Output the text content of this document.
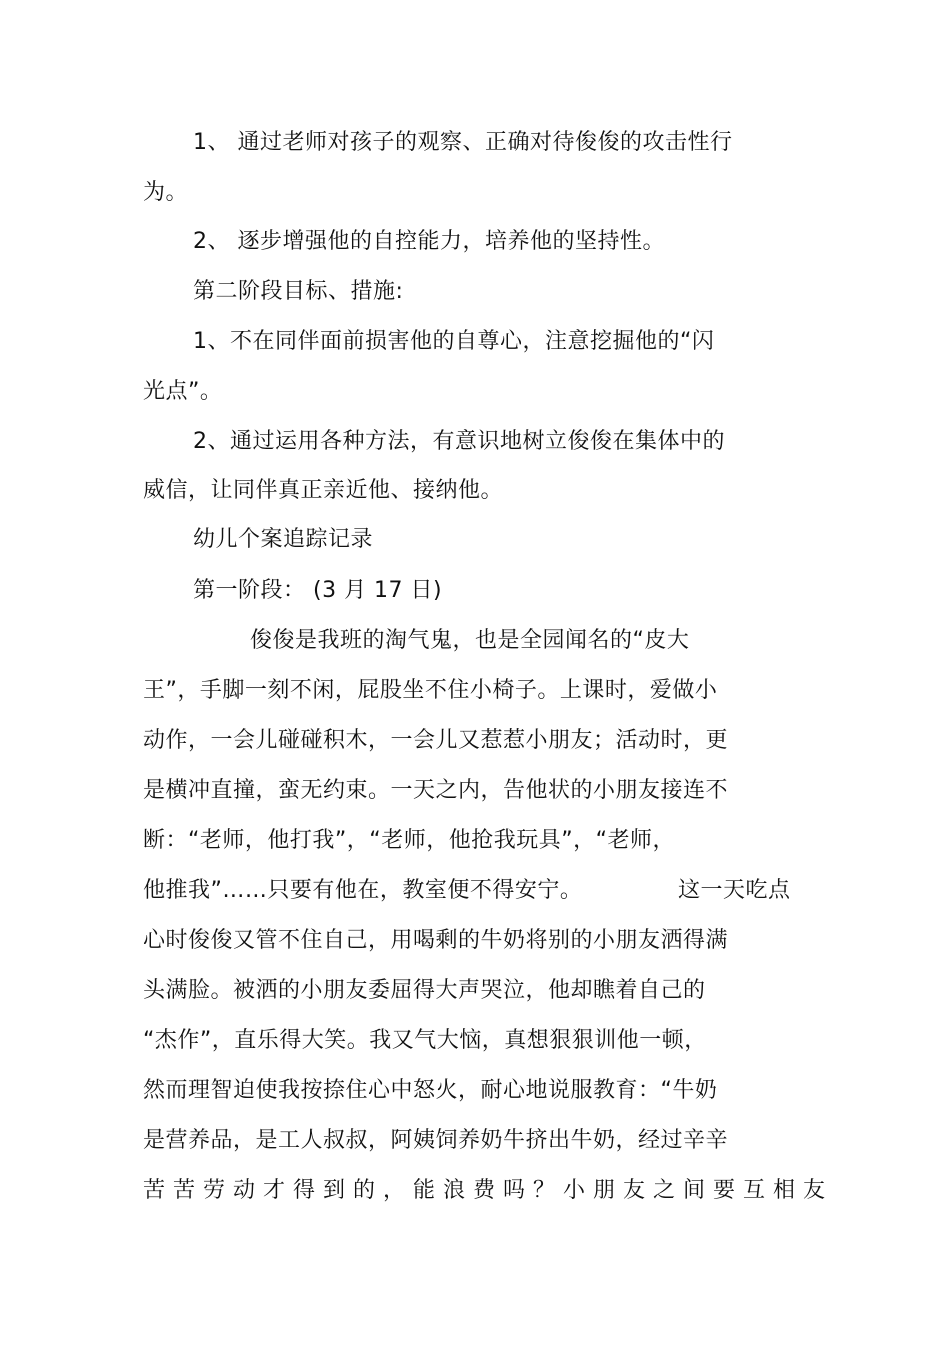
1、 通过老师对孩子的观察、正确对待俊俊的攻击性行
为。
2、 逐步增强他的自控能力，培养他的坚持性。
第二阶段目标、措施:
1、不在同伴面前损害他的自尊心，注意挖掘他的“闪
光点”。
2、通过运用各种方法，有意识地树立俊俊在集体中的
威信，让同伴真正亲近他、接纳他。
幼儿个案追踪记录
第一阶段： (3 月 17 日)
俊俊是我班的淘气鬼，也是全园闻名的“皮大
王”，手脚一刻不闲，屁股坐不住小椅子。上课时，爱做小
动作，一会儿碰碰积木，一会儿又惹惹小朋友；活动时，更
是横冲直撞，蛮无约束。一天之内，告他状的小朋友接连不
断：“老师，他打我”，“老师，他抢我玩具”，“老师，
他推我”……只要有他在，教室便不得安宁。	这一天吃点
心时俊俊又管不住自己，用喝剩的牛奶将别的小朋友洒得满
头满脸。被洒的小朋友委屈得大声哭泣，他却瞧着自己的
“杰作”，直乐得大笑。我又气大恼，真想狠狠训他一顿，
然而理智迫使我按捺住心中怒火，耐心地说服教育：“牛奶
是营养品，是工人叔叔，阿姨饲养奶牛挤出牛奶，经过辛辛
苦苦劳动才得到的，能浪费吗？小朋友之间要互相友
